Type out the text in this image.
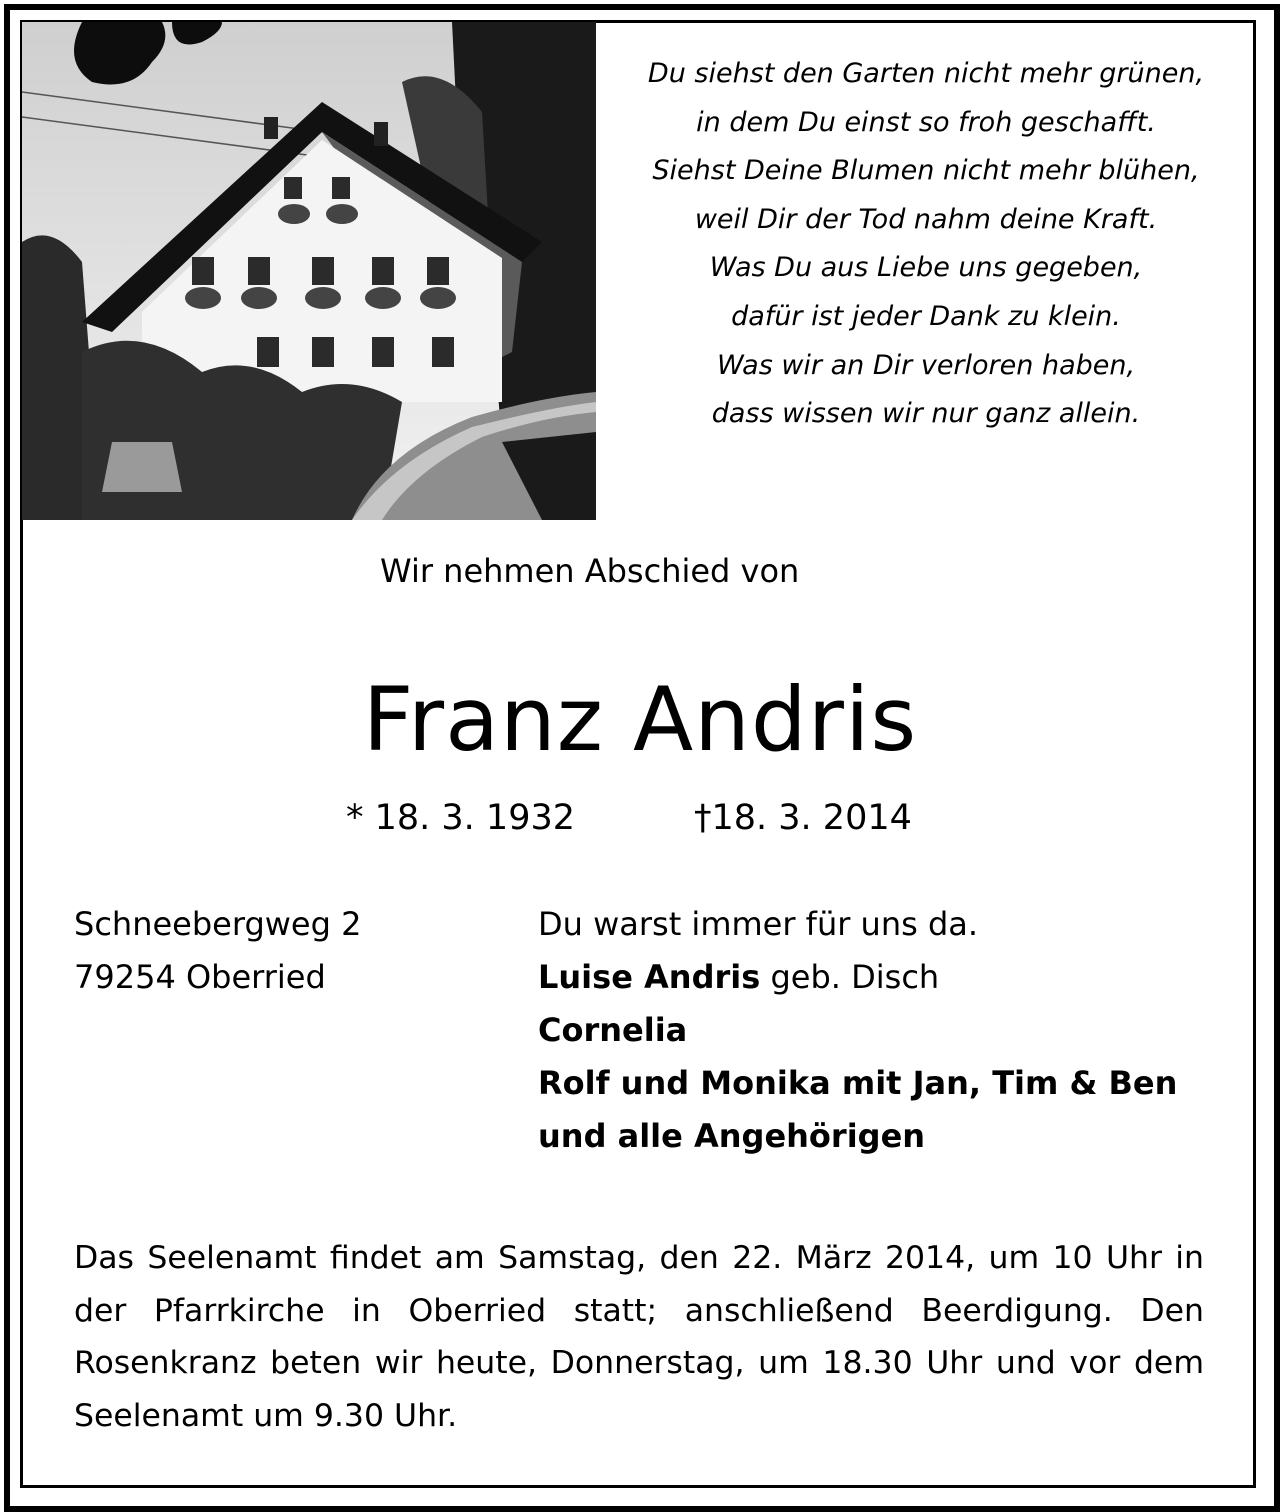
Du siehst den Garten nicht mehr grünen,
in dem Du einst so froh geschafft.
Siehst Deine Blumen nicht mehr blühen,
weil Dir der Tod nahm deine Kraft.
Was Du aus Liebe uns gegeben,
dafür ist jeder Dank zu klein.
Was wir an Dir verloren haben,
dass wissen wir nur ganz allein.
Wir nehmen Abschied von
Franz Andris
* 18. 3. 1932	†18. 3. 2014
Schneebergweg 2
79254 Oberried
Du warst immer für uns da.
Luise Andris geb. Disch
Cornelia
Rolf und Monika mit Jan, Tim & Ben
und alle Angehörigen
Das Seelenamt findet am Samstag, den 22. März 2014, um 10 Uhr in der Pfarrkirche in Oberried statt; anschließend Beerdigung. Den Rosenkranz beten wir heute, Donnerstag, um 18.30 Uhr und vor dem Seelenamt um 9.30 Uhr.
